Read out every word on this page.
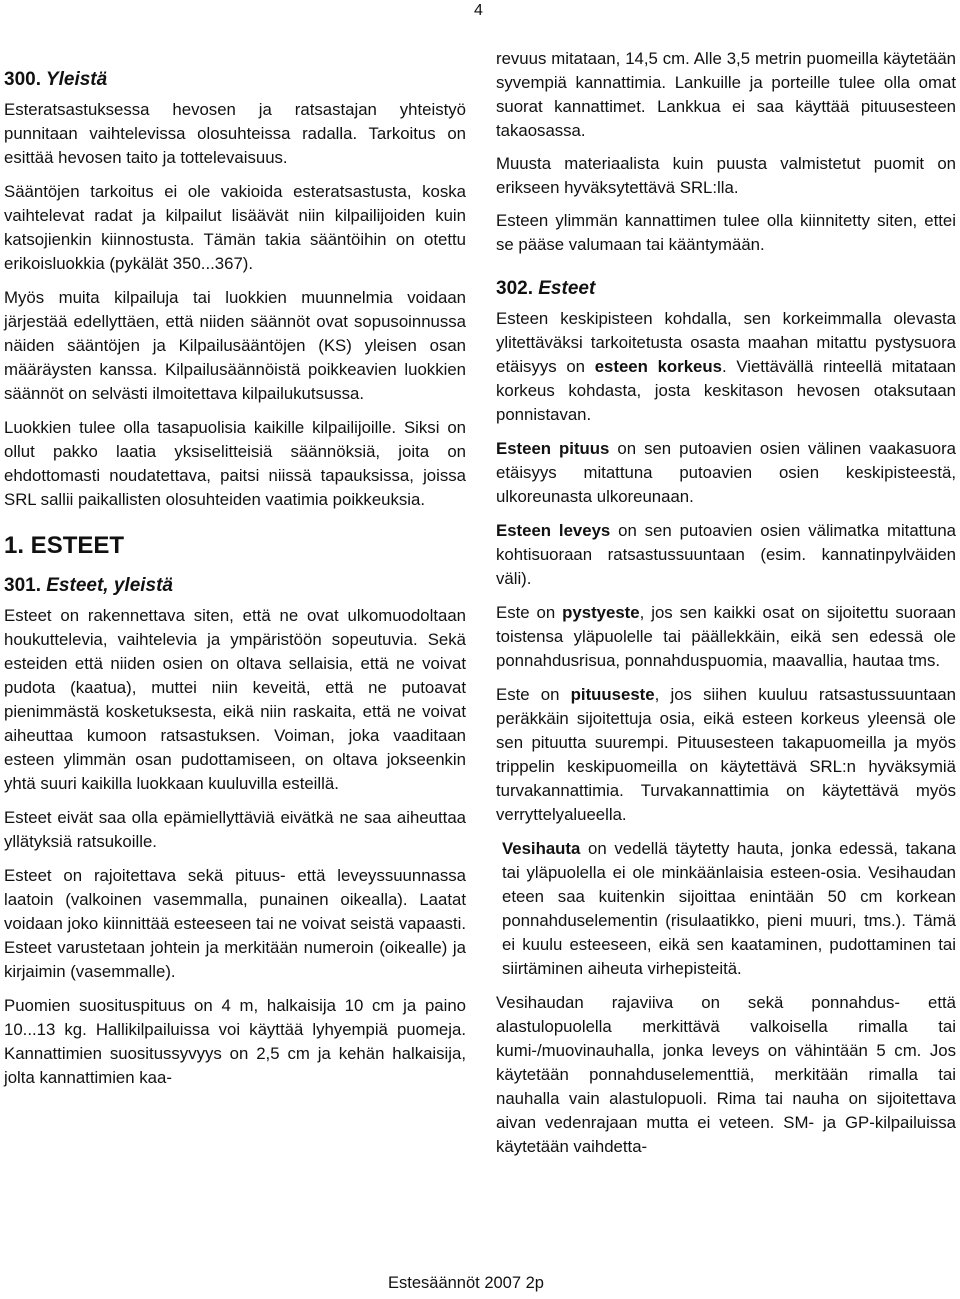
4
300. Yleistä

Esteratsastuksessa hevosen ja ratsastajan yhteistyö punnitaan vaihtelevissa olosuhteissa radalla. Tarkoitus on esittää hevosen taito ja tottelevaisuus.

Sääntöjen tarkoitus ei ole vakioida esteratsastusta, koska vaihtelevat radat ja kilpailut lisäävät niin kilpailijoiden kuin katsojienkin kiinnostusta. Tämän takia sääntöihin on otettu erikoisluokkia (pykälät 350...367).

Myös muita kilpailuja tai luokkien muunnelmia voidaan järjestää edellyttäen, että niiden säännöt ovat sopusoinnussa näiden sääntöjen ja Kilpailusääntöjen (KS) yleisen osan määräysten kanssa. Kilpailusäännöistä poikkeavien luokkien säännöt on selvästi ilmoitettava kilpailukutsussa.

Luokkien tulee olla tasapuolisia kaikille kilpailijoille. Siksi on ollut pakko laatia yksiselitteisiä säännöksiä, joita on ehdottomasti noudatettava, paitsi niissä tapauksissa, joissa SRL sallii paikallisten olosuhteiden vaatimia poikkeuksia.

1. ESTEET
301. Esteet, yleistä

Esteet on rakennettava siten, että ne ovat ulkomuodoltaan houkuttelevia, vaihtelevia ja ympäristöön sopeutuvia. Sekä esteiden että niiden osien on oltava sellaisia, että ne voivat pudota (kaatua), muttei niin keveitä, että ne putoavat pienimmästä kosketuksesta, eikä niin raskaita, että ne voivat aiheuttaa kumoon ratsastuksen. Voiman, joka vaaditaan esteen ylimmän osan pudottamiseen, on oltava jokseenkin yhtä suuri kaikilla luokkaan kuuluvilla esteillä.

Esteet eivät saa olla epämiellyttäviä eivätkä ne saa aiheuttaa yllätyksiä ratsukoille.

Esteet on rajoitettava sekä pituus- että leveyssuunnassa laatoin (valkoinen vasemmalla, punainen oikealla). Laatat voidaan joko kiinnittää esteeseen tai ne voivat seistä vapaasti. Esteet varustetaan johtein ja merkitään numeroin (oikealle) ja kirjaimin (vasemmalle).

Puomien suosituspituus on 4 m, halkaisija 10 cm ja paino 10...13 kg. Hallikilpailuissa voi käyttää lyhyempiä puomeja. Kannattimien suositussyvyys on 2,5 cm ja kehän halkaisija, jolta kannattimien kaa-

revuus mitataan, 14,5 cm. Alle 3,5 metrin puomeilla käytetään syvempiä kannattimia. Lankuille ja porteille tulee olla omat suorat kannattimet. Lankkua ei saa käyttää pituusesteen takaosassa.

Muusta materiaalista kuin puusta valmistetut puomit on erikseen hyväksytettävä SRL:lla.

Esteen ylimmän kannattimen tulee olla kiinnitetty siten, ettei se pääse valumaan tai kääntymään.

302. Esteet

Esteen keskipisteen kohdalla, sen korkeimmalla olevasta ylitettäväksi tarkoitetusta osasta maahan mitattu pystysuora etäisyys on esteen korkeus. Viettävällä rinteellä mitataan korkeus kohdasta, josta keskitason hevosen otaksutaan ponnistavan.

Esteen pituus on sen putoavien osien välinen vaakasuora etäisyys mitattuna putoavien osien keskipisteestä, ulkoreunasta ulkoreunaan.

Esteen leveys on sen putoavien osien välimatka mitattuna kohtisuoraan ratsastussuuntaan (esim. kannatinpylväiden väli).

Este on pystyeste, jos sen kaikki osat on sijoitettu suoraan toistensa yläpuolelle tai päällekkäin, eikä sen edessä ole ponnahdusrisua, ponnahduspuomia, maavallia, hautaa tms.

Este on pituuseste, jos siihen kuuluu ratsastussuuntaan peräkkäin sijoitettuja osia, eikä esteen korkeus yleensä ole sen pituutta suurempi. Pituusesteen takapuomeilla ja myös trippelin keskipuomeilla on käytettävä SRL:n hyväksymiä turvakannattimia. Turvakannattimia on käytettävä myös verryttelyalueella.

Vesihauta on vedellä täytetty hauta, jonka edessä, takana tai yläpuolella ei ole minkäänlaisia esteen-osia. Vesihaudan eteen saa kuitenkin sijoittaa enintään 50 cm korkean ponnahduselementin (risulaatikko, pieni muuri, tms.). Tämä ei kuulu esteeseen, eikä sen kaataminen, pudottaminen tai siirtäminen aiheuta virhepisteitä.

Vesihaudan rajaviiva on sekä ponnahdus- että alastulopuolella merkittävä valkoisella rimalla tai kumi-/muovinauhalla, jonka leveys on vähintään 5 cm. Jos käytetään ponnahduselementtiä, merkitään rimalla tai nauhalla vain alastulopuoli. Rima tai nauha on sijoitettava aivan vedenrajaan mutta ei veteen. SM- ja GP-kilpailuissa käytetään vaihdetta-

Estesäännöt 2007 2p
